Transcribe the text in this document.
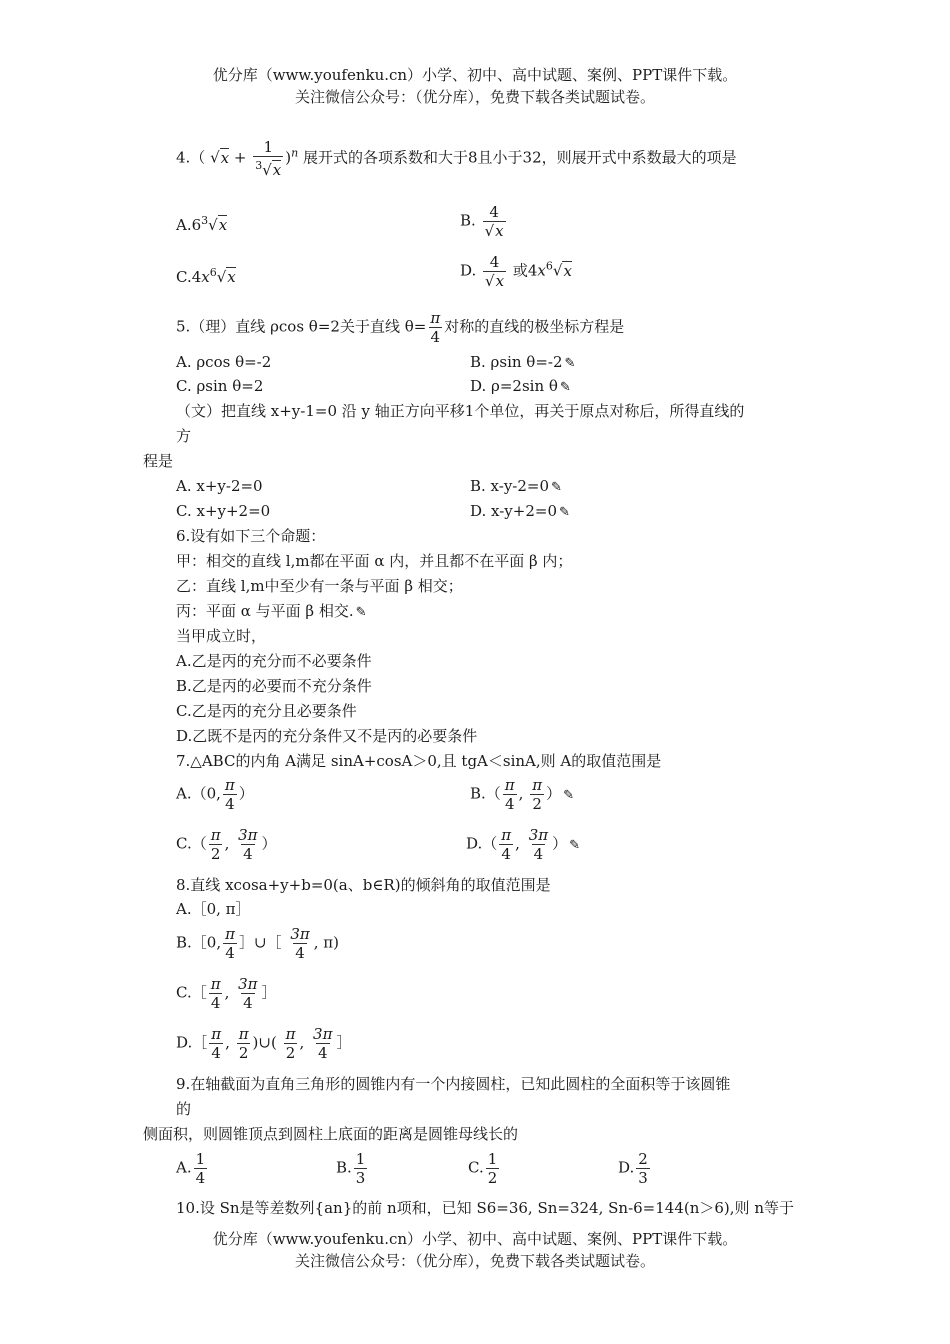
优分库（www.youfenku.cn）小学、初中、高中试题、案例、PPT课件下载。
关注微信公众号：（优分库），免费下载各类试题试卷。
4.（ $√x + \frac{1}{^3√x} )^n$ 展开式的各项系数和大于8且小于32，则展开式中系数最大的项是
$A.6^3√x$	B. $\frac{4}{√x}$
$C.4x^6√x$	D. $\frac{4}{√x}$ 或$4x^6√x$
5.（理）直线 ρcos θ=2关于直线 $\theta= \frac{\pi}{4}$ 对称的直线的极坐标方程是
A. ρcos θ=-2	B. ρsin θ=-2 ✎
C. ρsin θ=2	D. ρ=2sin θ ✎
（文）把直线 x+y-1=0 沿 y 轴正方向平移1个单位，再关于原点对称后，所得直线的
方
程是
A. x+y-2=0	B. x-y-2=0 ✎
C. x+y+2=0	D. x-y+2=0 ✎
6.设有如下三个命题：
甲：相交的直线 l,m都在平面 α 内，并且都不在平面 β 内；
乙：直线 l,m中至少有一条与平面 β 相交；
丙：平面 α 与平面 β 相交. ✎
当甲成立时，
A.乙是丙的充分而不必要条件
B.乙是丙的必要而不充分条件
C.乙是丙的充分且必要条件
D.乙既不是丙的充分条件又不是丙的必要条件
7.△ABC的内角 A满足 sinA+cosA＞0,且 tgA＜sinA,则 A的取值范围是
A.（0, $\frac{\pi}{4}$ ）	$B.( \frac{\pi}{4}$ , $\frac{\pi}{2}$ ） ✎
$C.( \frac{\pi}{2}$ , $\frac{3\pi}{4}$ ）	$D.( \frac{\pi}{4}$ , $\frac{3\pi}{4}$ ） ✎
8.直线 xcosa+y+b=0(a、b∈R)的倾斜角的取值范围是
A.［0, π］
B.［0, $\frac{\pi}{4}$ ］∪［ $\frac{3\pi}{4}$ , π)
C.［ $\frac{\pi}{4}$ , $\frac{3\pi}{4}$ ］
D.［ $\frac{\pi}{4}$ , $\frac{\pi}{2}$ )∪( $\frac{\pi}{2}$ , $\frac{3\pi}{4}$ ］
9.在轴截面为直角三角形的圆锥内有一个内接圆柱，已知此圆柱的全面积等于该圆锥
的
侧面积，则圆锥顶点到圆柱上底面的距离是圆锥母线长的
A. $\frac{1}{4}$	B. $\frac{1}{3}$	C. $\frac{1}{2}$	D. $\frac{2}{3}$
10.设 Sn是等差数列{an}的前 n项和，已知 S6=36, Sn=324, Sn-6=144(n＞6),则 n等于
优分库（www.youfenku.cn）小学、初中、高中试题、案例、PPT课件下载。
关注微信公众号：（优分库），免费下载各类试题试卷。
